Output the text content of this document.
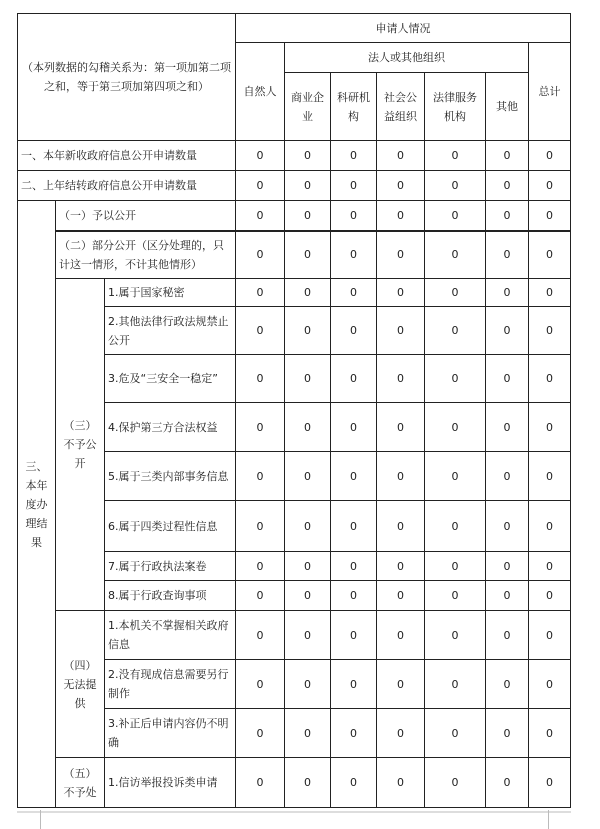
（本列数据的勾稽关系为：第一项加第二项之和，等于第三项加第四项之和）			申请人情况						
			自然人	法人或其他组织					总计
				商业企业	科研机构	社会公益组织	法律服务机构	其他	
一、本年新收政府信息公开申请数量			0	0	0	0	0	0	0
二、上年结转政府信息公开申请数量			0	0	0	0	0	0	0
三、本年度办理结果	（一）予以公开		0	0	0	0	0	0	0
	（二）部分公开（区分处理的，只计这一情形，不计其他情形）		0	0	0	0	0	0	0
	（三）不予公开	1.属于国家秘密	0	0	0	0	0	0	0
		2.其他法律行政法规禁止公开	0	0	0	0	0	0	0
		3.危及“三安全一稳定”	0	0	0	0	0	0	0
		4.保护第三方合法权益	0	0	0	0	0	0	0
		5.属于三类内部事务信息	0	0	0	0	0	0	0
		6.属于四类过程性信息	0	0	0	0	0	0	0
		7.属于行政执法案卷	0	0	0	0	0	0	0
		8.属于行政查询事项	0	0	0	0	0	0	0
	（四）无法提供	1.本机关不掌握相关政府信息	0	0	0	0	0	0	0
		2.没有现成信息需要另行制作	0	0	0	0	0	0	0
		3.补正后申请内容仍不明确	0	0	0	0	0	0	0
	（五）不予处	1.信访举报投诉类申请	0	0	0	0	0	0	0
